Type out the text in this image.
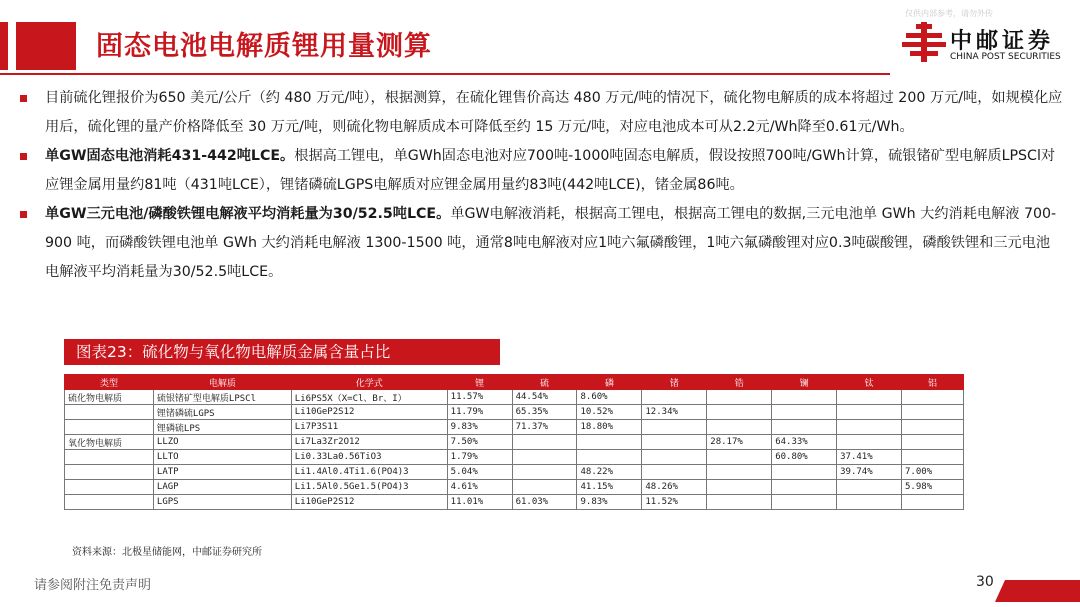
固态电池电解质锂用量测算
仅供内部参考，请勿外传
中邮证券
CHINA POST SECURITIES
目前硫化锂报价为650 美元/公斤（约 480 万元/吨），根据测算，在硫化锂售价高达 480 万元/吨的情况下，硫化物电解质的成本将超过 200 万元/吨，如规模化应用后，硫化锂的量产价格降低至 30 万元/吨，则硫化物电解质成本可降低至约 15 万元/吨，对应电池成本可从2.2元/Wh降至0.61元/Wh。
单GW固态电池消耗431-442吨LCE。根据高工锂电，单GWh固态电池对应700吨-1000吨固态电解质，假设按照700吨/GWh计算，硫银锗矿型电解质LPSCl对应锂金属用量约81吨（431吨LCE），锂锗磷硫LGPS电解质对应锂金属用量约83吨(442吨LCE)，锗金属86吨。
单GW三元电池/磷酸铁锂电解液平均消耗量为30/52.5吨LCE。单GW电解液消耗，根据高工锂电，根据高工锂电的数据,三元电池单 GWh 大约消耗电解液 700-900 吨，而磷酸铁锂电池单 GWh 大约消耗电解液 1300-1500 吨，通常8吨电解液对应1吨六氟磷酸锂，1吨六氟磷酸锂对应0.3吨碳酸锂，磷酸铁锂和三元电池电解液平均消耗量为30/52.5吨LCE。
图表23：硫化物与氧化物电解质金属含量占比
类型	电解质	化学式	锂	硫	磷	锗	锆	镧	钛	铝
硫化物电解质	硫银锗矿型电解质LPSCl	Li6PS5X（X=Cl、Br、I）	11.57%	44.54%	8.60%					
	锂锗磷硫LGPS	Li10GeP2S12	11.79%	65.35%	10.52%	12.34%				
	锂磷硫LPS	Li7P3S11	9.83%	71.37%	18.80%					
氧化物电解质	LLZO	Li7La3Zr2O12	7.50%				28.17%	64.33%		
	LLTO	Li0.33La0.56TiO3	1.79%					60.80%	37.41%	
	LATP	Li1.4Al0.4Ti1.6(PO4)3	5.04%		48.22%				39.74%	7.00%
	LAGP	Li1.5Al0.5Ge1.5(PO4)3	4.61%		41.15%	48.26%				5.98%
	LGPS	Li10GeP2S12	11.01%	61.03%	9.83%	11.52%				
资料来源：北极星储能网，中邮证券研究所
请参阅附注免责声明	30
